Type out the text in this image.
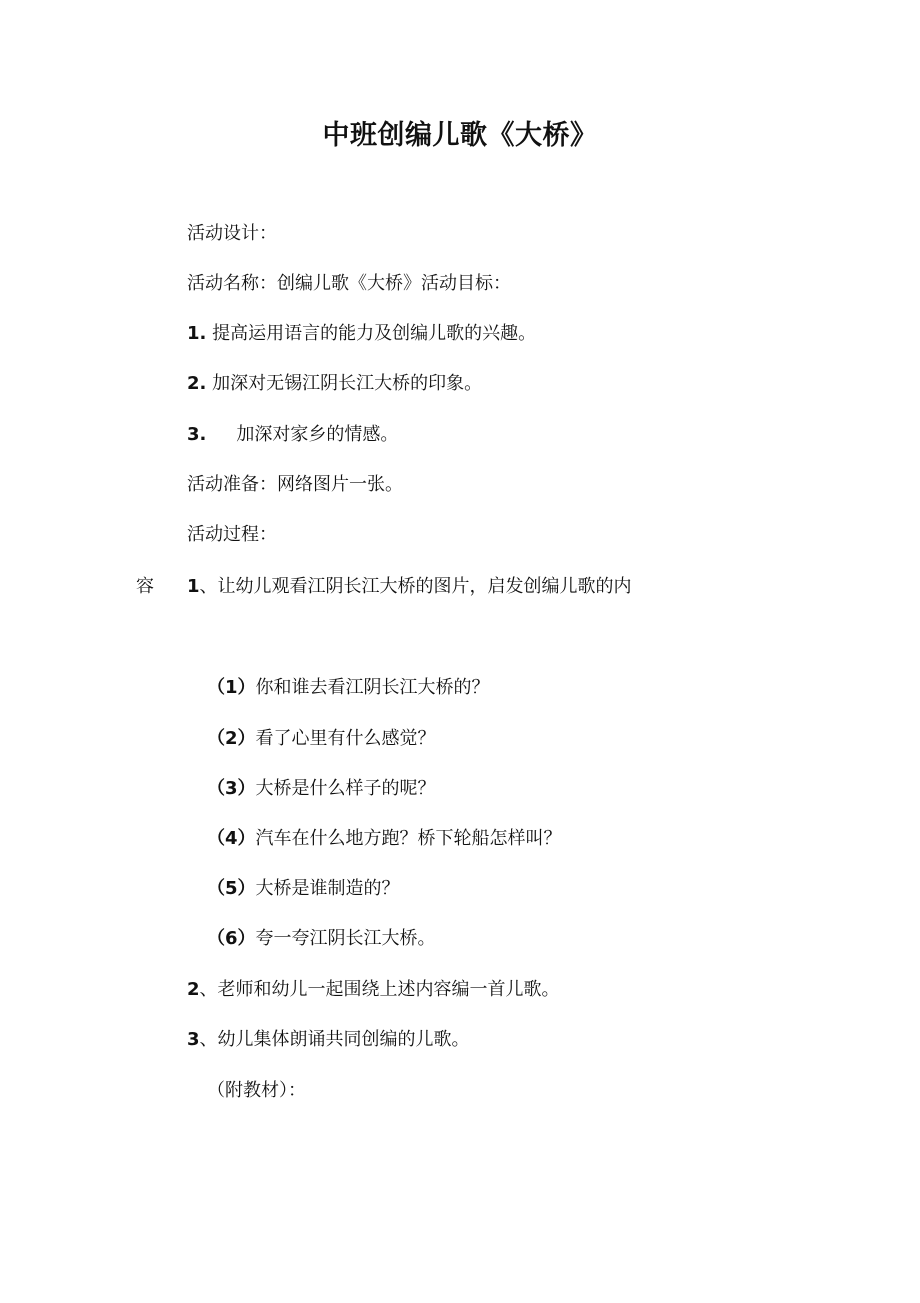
中班创编儿歌《大桥》
活动设计：
活动名称：创编儿歌《大桥》活动目标：
1. 提高运用语言的能力及创编儿歌的兴趣。
2. 加深对无锡江阴长江大桥的印象。
3. 加深对家乡的情感。
活动准备：网络图片一张。
活动过程：
容 1、让幼儿观看江阴长江大桥的图片，启发创编儿歌的内
（1）你和谁去看江阴长江大桥的？
（2）看了心里有什么感觉？
（3）大桥是什么样子的呢？
（4）汽车在什么地方跑？桥下轮船怎样叫？
（5）大桥是谁制造的？
（6）夸一夸江阴长江大桥。
2、老师和幼儿一起围绕上述内容编一首儿歌。
3、幼儿集体朗诵共同创编的儿歌。
（附教材）：
